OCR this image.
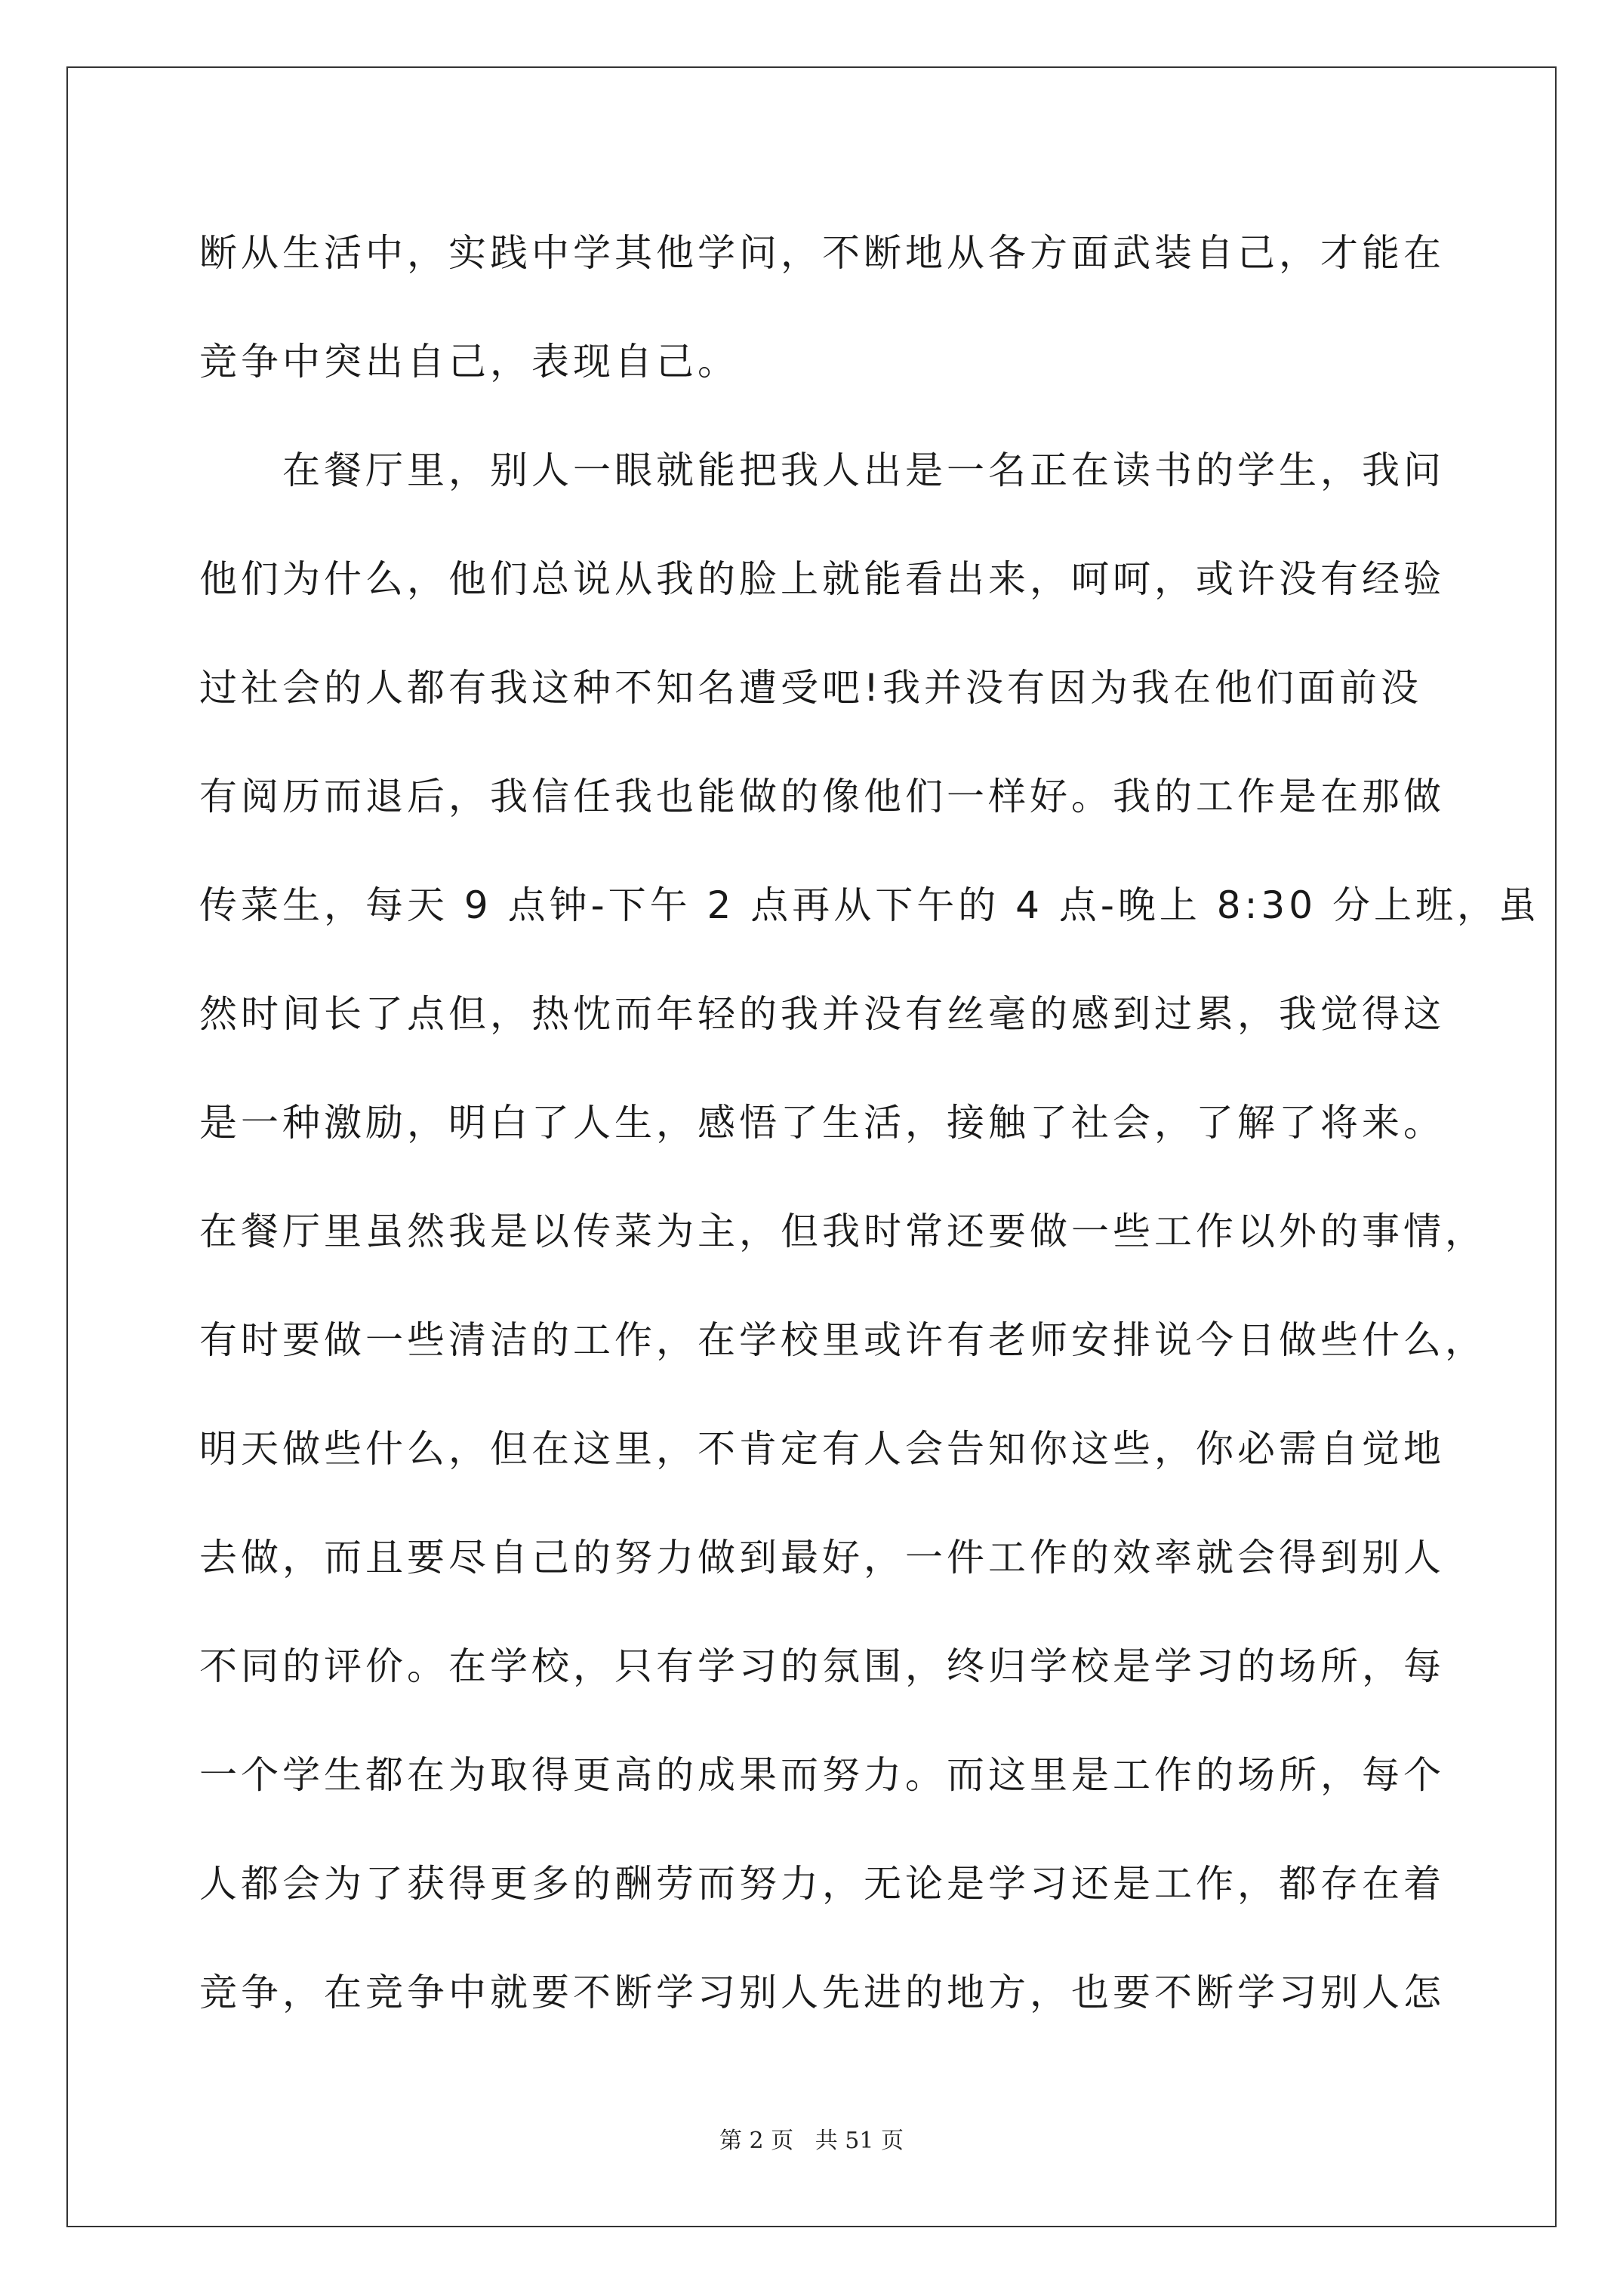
断从生活中，实践中学其他学问，不断地从各方面武装自己，才能在
竞争中突出自己，表现自己。
　　在餐厅里，别人一眼就能把我人出是一名正在读书的学生，我问
他们为什么，他们总说从我的脸上就能看出来，呵呵，或许没有经验
过社会的人都有我这种不知名遭受吧!我并没有因为我在他们面前没
有阅历而退后，我信任我也能做的像他们一样好。我的工作是在那做
传菜生，每天 9 点钟-下午 2 点再从下午的 4 点-晚上 8:30 分上班，虽
然时间长了点但，热忱而年轻的我并没有丝毫的感到过累，我觉得这
是一种激励，明白了人生，感悟了生活，接触了社会，了解了将来。
在餐厅里虽然我是以传菜为主，但我时常还要做一些工作以外的事情，
有时要做一些清洁的工作，在学校里或许有老师安排说今日做些什么，
明天做些什么，但在这里，不肯定有人会告知你这些，你必需自觉地
去做，而且要尽自己的努力做到最好，一件工作的效率就会得到别人
不同的评价。在学校，只有学习的氛围，终归学校是学习的场所，每
一个学生都在为取得更高的成果而努力。而这里是工作的场所，每个
人都会为了获得更多的酬劳而努力，无论是学习还是工作，都存在着
竞争，在竞争中就要不断学习别人先进的地方，也要不断学习别人怎
第 2 页   共 51 页
